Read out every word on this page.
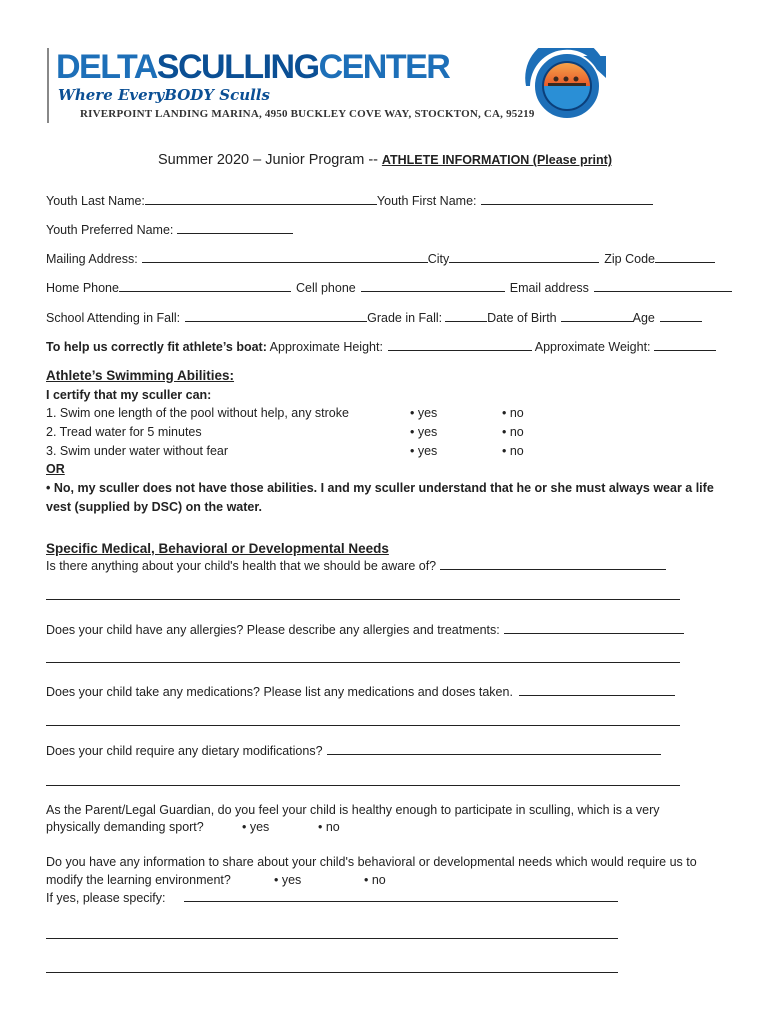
DELTASCULLINGCENTER
Where EveryBODY Sculls
RIVERPOINT LANDING MARINA, 4950 BUCKLEY COVE WAY, STOCKTON, CA, 95219
Summer 2020 – Junior Program -- ATHLETE INFORMATION (Please print)
Youth Last Name:	Youth First Name:
Youth Preferred Name:
Mailing Address:	City	Zip Code
Home Phone	Cell phone	Email address
School Attending in Fall:	Grade in Fall:	Date of Birth	Age
To help us correctly fit athlete’s boat: Approximate Height:	Approximate Weight:
Athlete’s Swimming Abilities:
I certify that my sculler can:
1. Swim one length of the pool without help, any stroke	• yes	• no
2. Tread water for 5 minutes	• yes	• no
3. Swim under water without fear	• yes	• no
OR
• No, my sculler does not have those abilities. I and my sculler understand that he or she must always wear a life
vest (supplied by DSC) on the water.
Specific Medical, Behavioral or Developmental Needs
Is there anything about your child's health that we should be aware of?
Does your child have any allergies? Please describe any allergies and treatments:
Does your child take any medications? Please list any medications and doses taken.
Does your child require any dietary modifications?
As the Parent/Legal Guardian, do you feel your child is healthy enough to participate in sculling, which is a very
physically demanding sport?	• yes	• no
Do you have any information to share about your child's behavioral or developmental needs which would require us to
modify the learning environment?	• yes	• no
If yes, please specify:
